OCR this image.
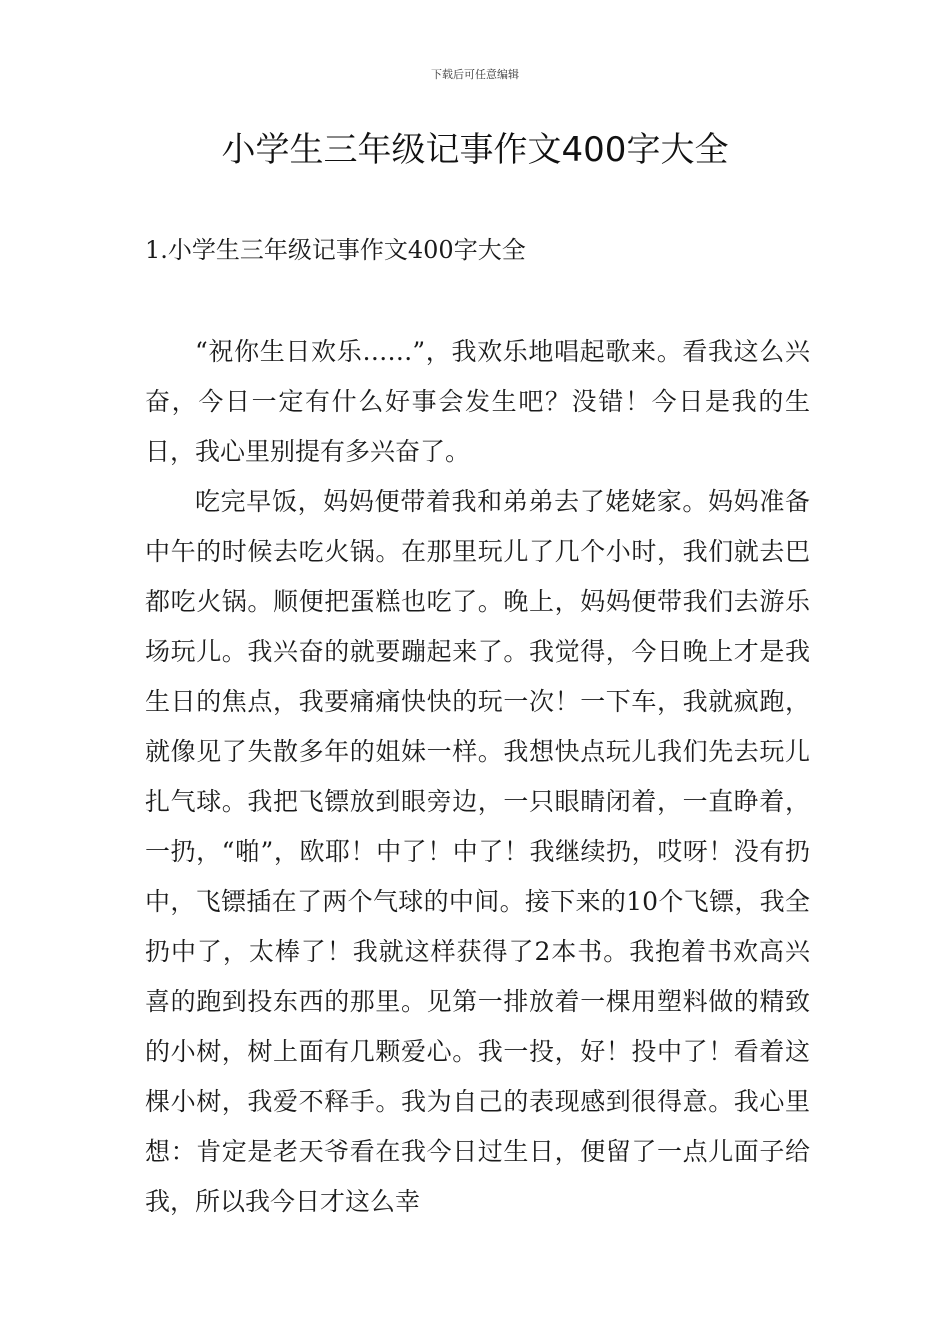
下载后可任意编辑
小学生三年级记事作文400字大全
1.小学生三年级记事作文400字大全

“祝你生日欢乐……”，我欢乐地唱起歌来。看我这么兴奋，今日一定有什么好事会发生吧？没错！今日是我的生日，我心里别提有多兴奋了。

吃完早饭，妈妈便带着我和弟弟去了姥姥家。妈妈准备中午的时候去吃火锅。在那里玩儿了几个小时，我们就去巴都吃火锅。顺便把蛋糕也吃了。晚上，妈妈便带我们去游乐场玩儿。我兴奋的就要蹦起来了。我觉得，今日晚上才是我生日的焦点，我要痛痛快快的玩一次！一下车，我就疯跑，就像见了失散多年的姐妹一样。我想快点玩儿我们先去玩儿扎气球。我把飞镖放到眼旁边，一只眼睛闭着，一直睁着，一扔，“啪”，欧耶！中了！中了！我继续扔，哎呀！没有扔中，飞镖插在了两个气球的中间。接下来的10个飞镖，我全扔中了，太棒了！我就这样获得了2本书。我抱着书欢高兴喜的跑到投东西的那里。见第一排放着一棵用塑料做的精致的小树，树上面有几颗爱心。我一投，好！投中了！看着这棵小树，我爱不释手。我为自己的表现感到很得意。我心里想：肯定是老天爷看在我今日过生日，便留了一点儿面子给我，所以我今日才这么幸
